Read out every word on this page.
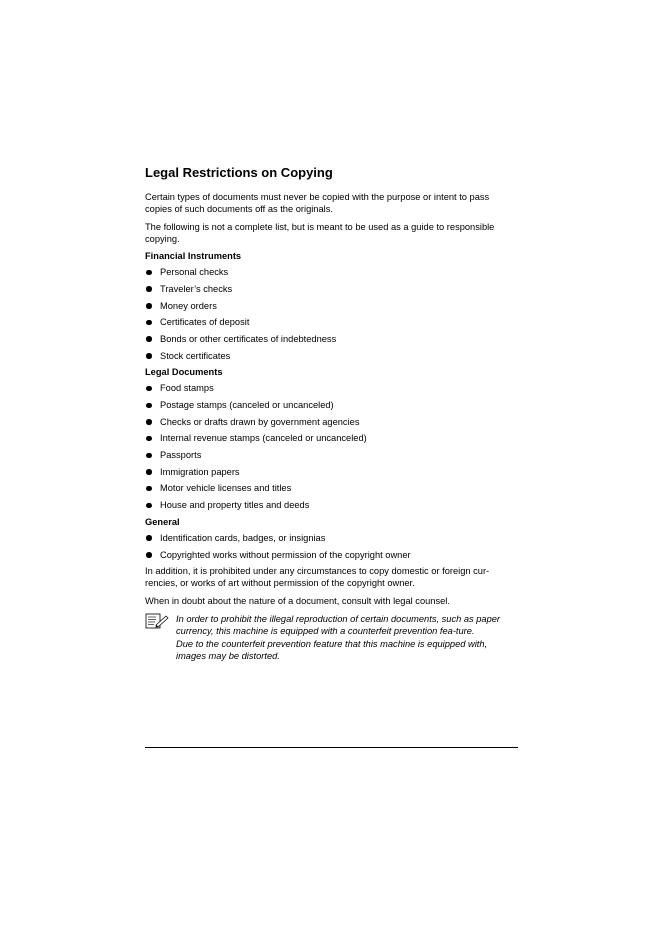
Legal Restrictions on Copying

Certain types of documents must never be copied with the purpose or intent to pass copies of such documents off as the originals.

The following is not a complete list, but is meant to be used as a guide to responsible copying.

Financial Instruments
Personal checks
Traveler’s checks
Money orders
Certificates of deposit
Bonds or other certificates of indebtedness
Stock certificates
Legal Documents
Food stamps
Postage stamps (canceled or uncanceled)
Checks or drafts drawn by government agencies
Internal revenue stamps (canceled or uncanceled)
Passports
Immigration papers
Motor vehicle licenses and titles
House and property titles and deeds
General
Identification cards, badges, or insignias
Copyrighted works without permission of the copyright owner

In addition, it is prohibited under any circumstances to copy domestic or foreign cur-rencies, or works of art without permission of the copyright owner.

When in doubt about the nature of a document, consult with legal counsel.

In order to prohibit the illegal reproduction of certain documents, such as paper currency, this machine is equipped with a counterfeit prevention fea-ture.

Due to the counterfeit prevention feature that this machine is equipped with, images may be distorted.
